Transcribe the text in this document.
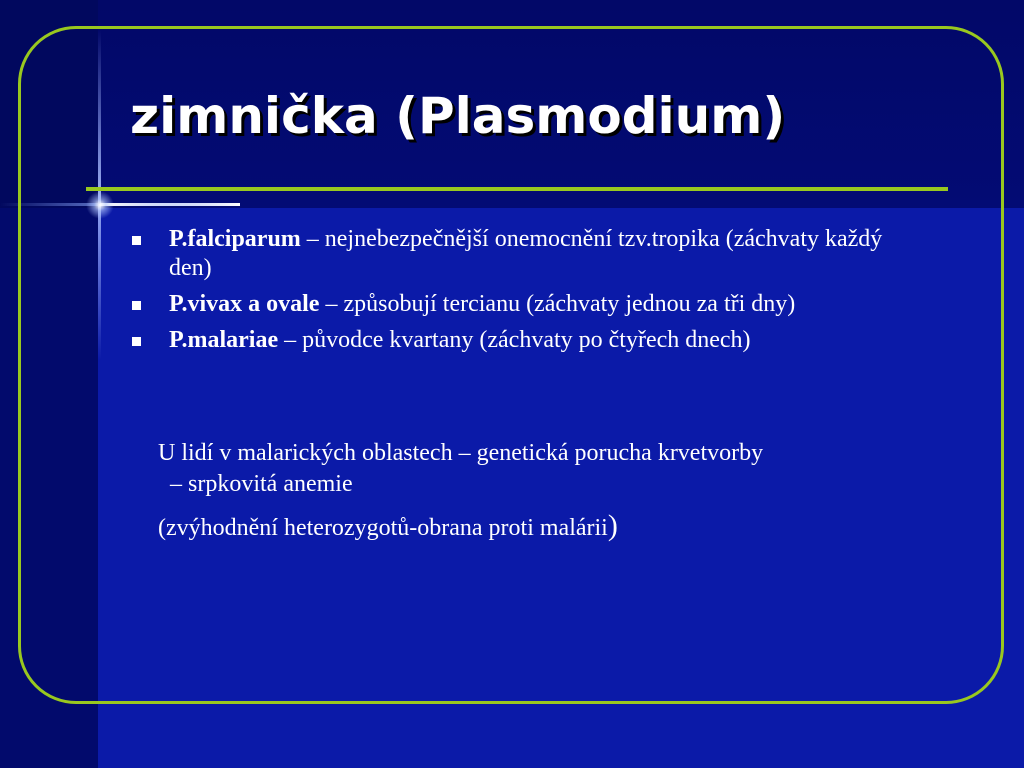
zimnička (Plasmodium)
P.falciparum – nejnebezpečnější onemocnění tzv.tropika (záchvaty každý den)
P.vivax a ovale – způsobují tercianu (záchvaty jednou za tři dny)
P.malariae – původce kvartany (záchvaty po čtyřech dnech)

U lidí v malarických oblastech – genetická porucha krvetvorby
– srpkovitá anemie

(zvýhodnění heterozygotů-obrana proti malárii)
